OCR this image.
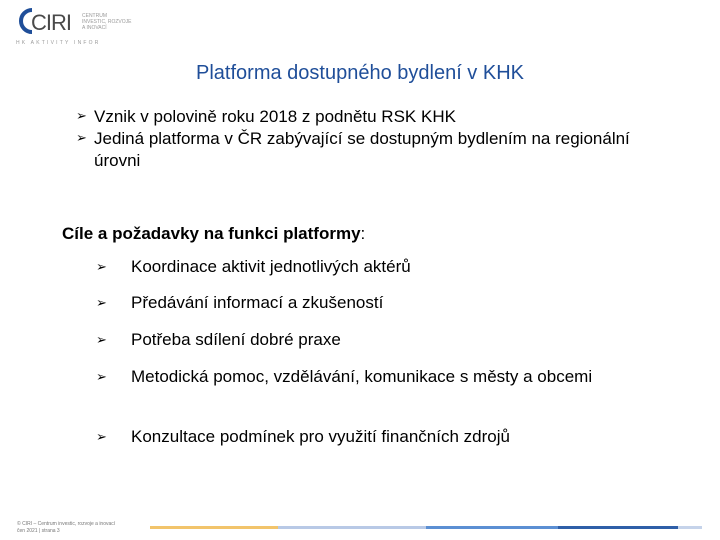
CIRI CENTRUM
INVESTIC, ROZVOJE
A INOVACÍ
HK AKTIVITY INFOR
Platforma dostupného bydlení v KHK
➢ Vznik v polovině roku 2018 z podnětu RSK KHK
➢ Jediná platforma v ČR zabývající se dostupným bydlením na regionální úrovni
Cíle a požadavky na funkci platformy:
➢ Koordinace aktivit jednotlivých aktérů
➢ Předávání informací a zkušeností
➢ Potřeba sdílení dobré praxe
➢ Metodická pomoc, vzdělávání, komunikace s městy a obcemi
➢ Konzultace podmínek pro využití finančních zdrojů
© CIRI – Centrum investic, rozvoje a inovací
čen 2021 | strana 3
